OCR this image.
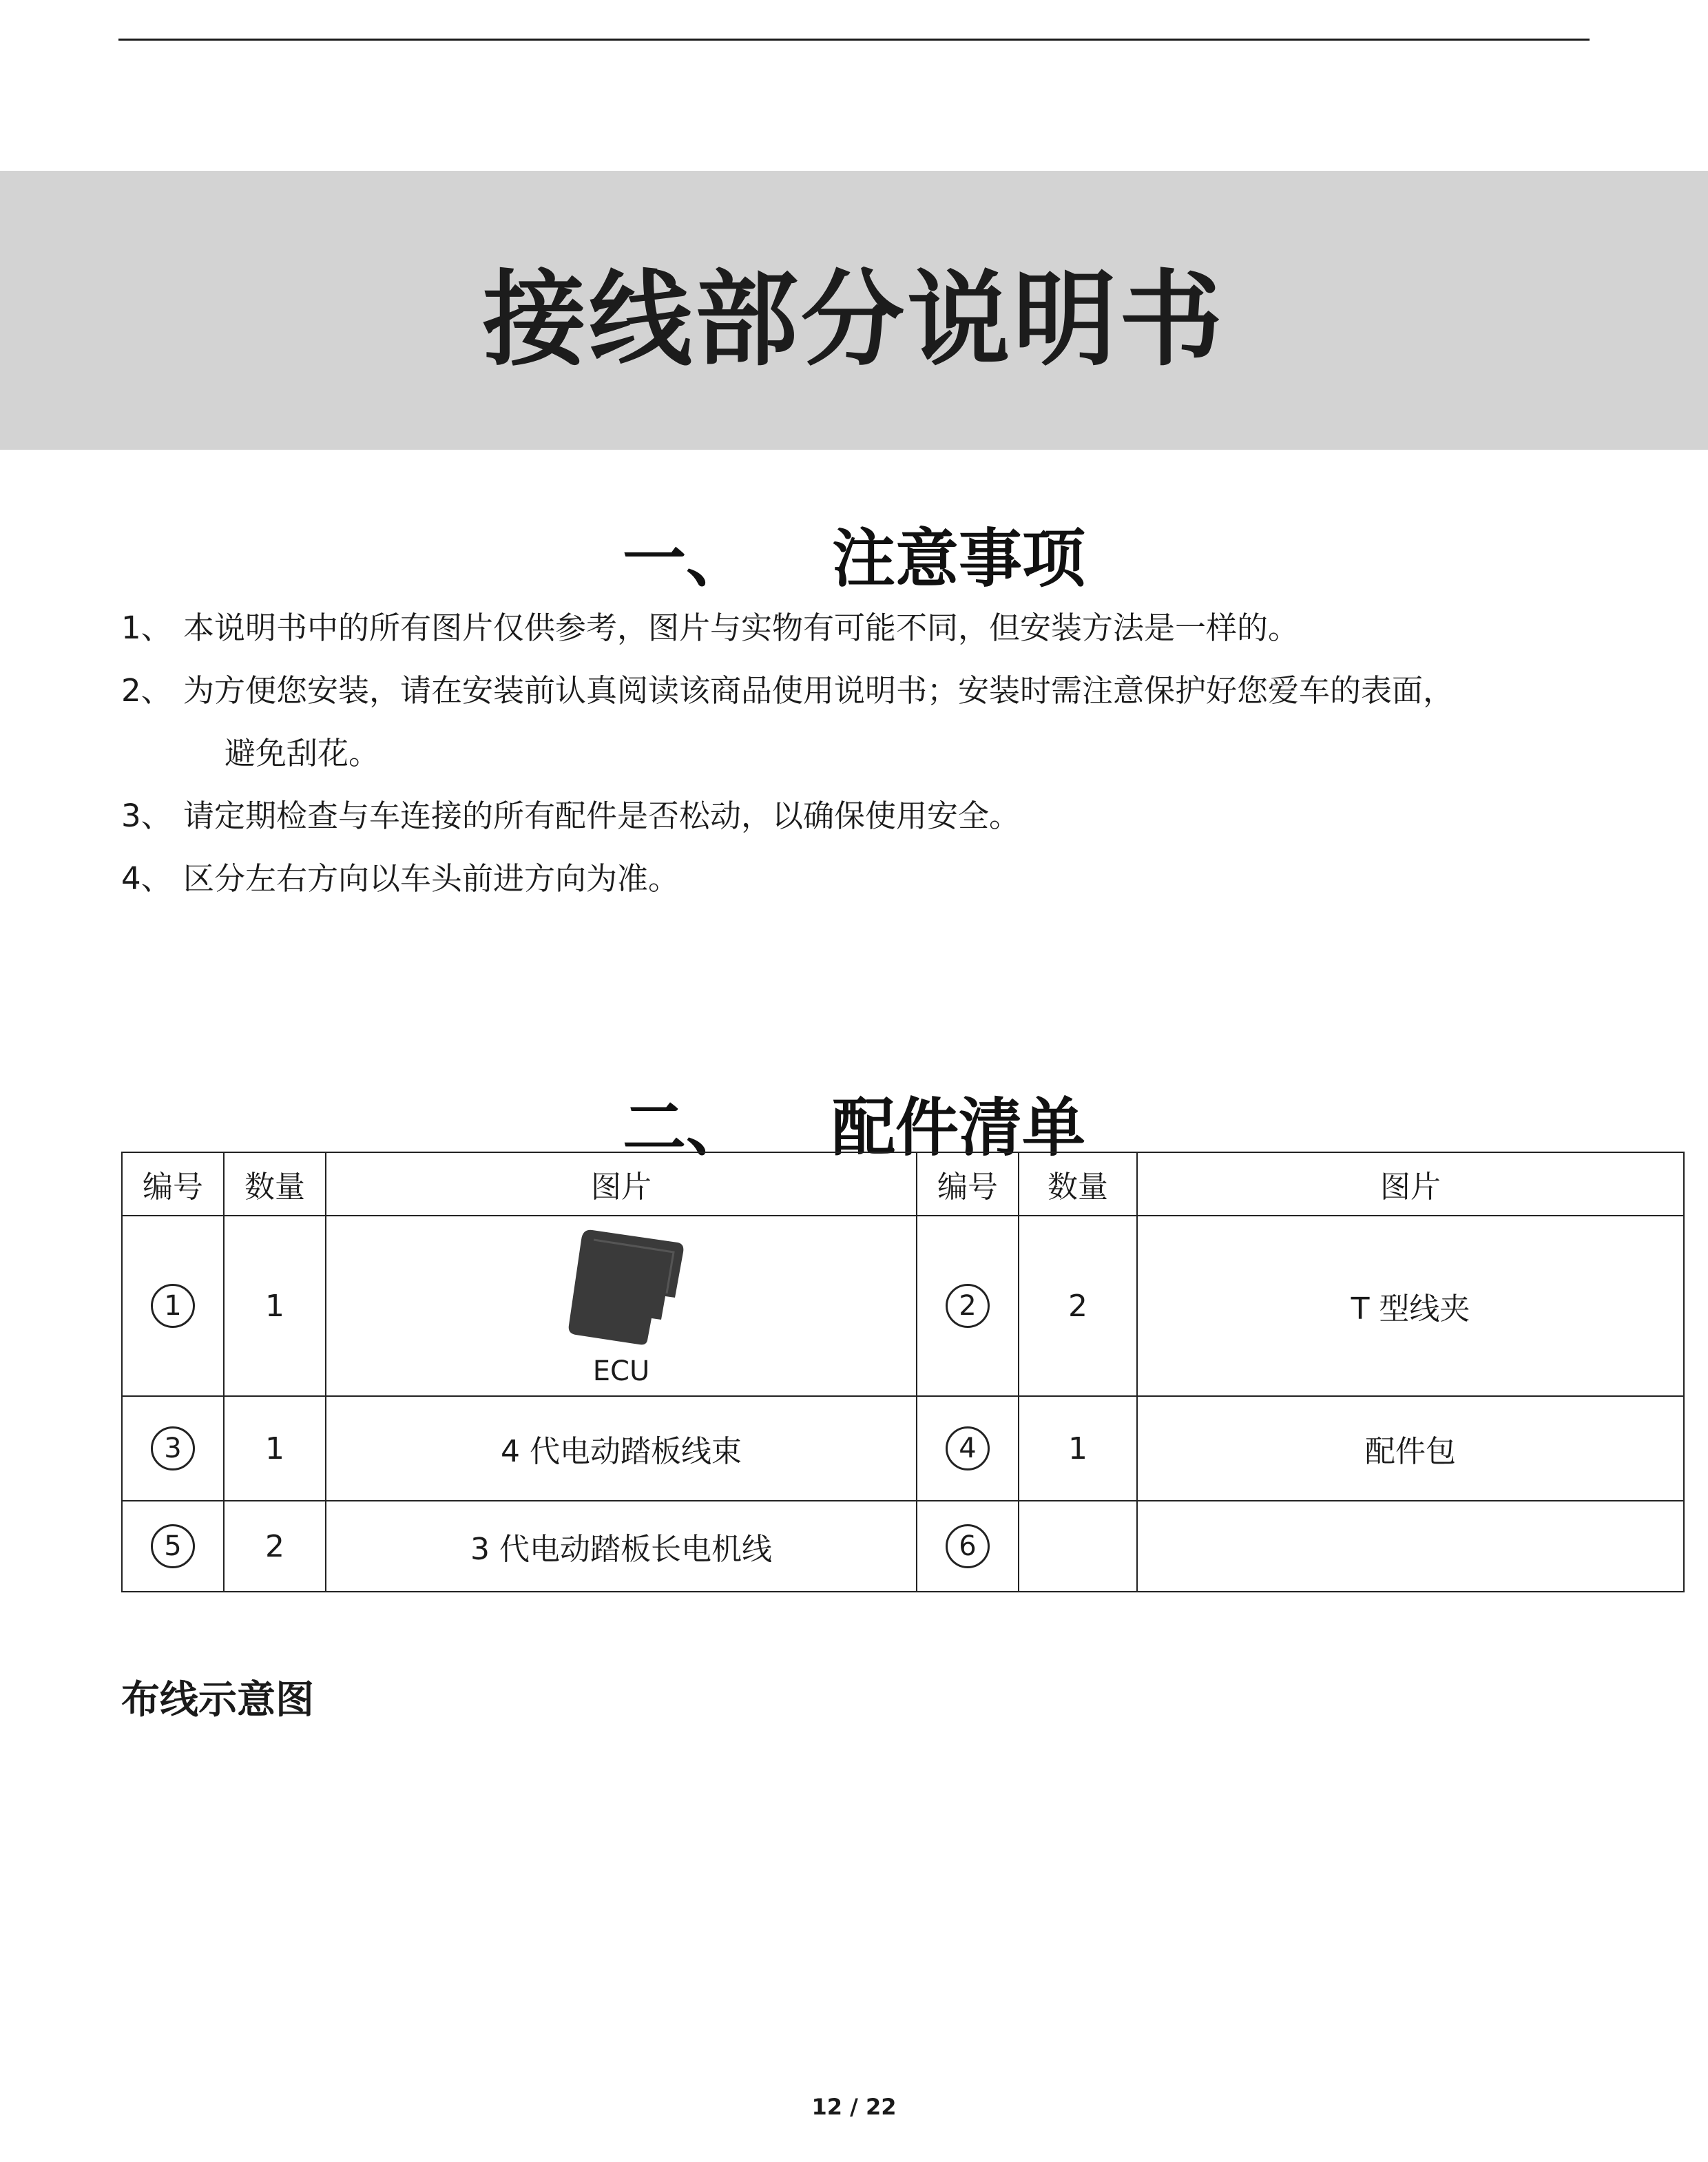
接线部分说明书
一、 注意事项
1、 本说明书中的所有图片仅供参考，图片与实物有可能不同，但安装方法是一样的。
2、 为方便您安装，请在安装前认真阅读该商品使用说明书；安装时需注意保护好您爱车的表面，
避免刮花。
3、 请定期检查与车连接的所有配件是否松动，以确保使用安全。
4、 区分左右方向以车头前进方向为准。
二、 配件清单
编号	数量	图片	编号	数量	图片
1	1	ECU	2	2	T 型线夹
3	1	4 代电动踏板线束	4	1	配件包
5	2	3 代电动踏板长电机线	6		
布线示意图
12 / 22
